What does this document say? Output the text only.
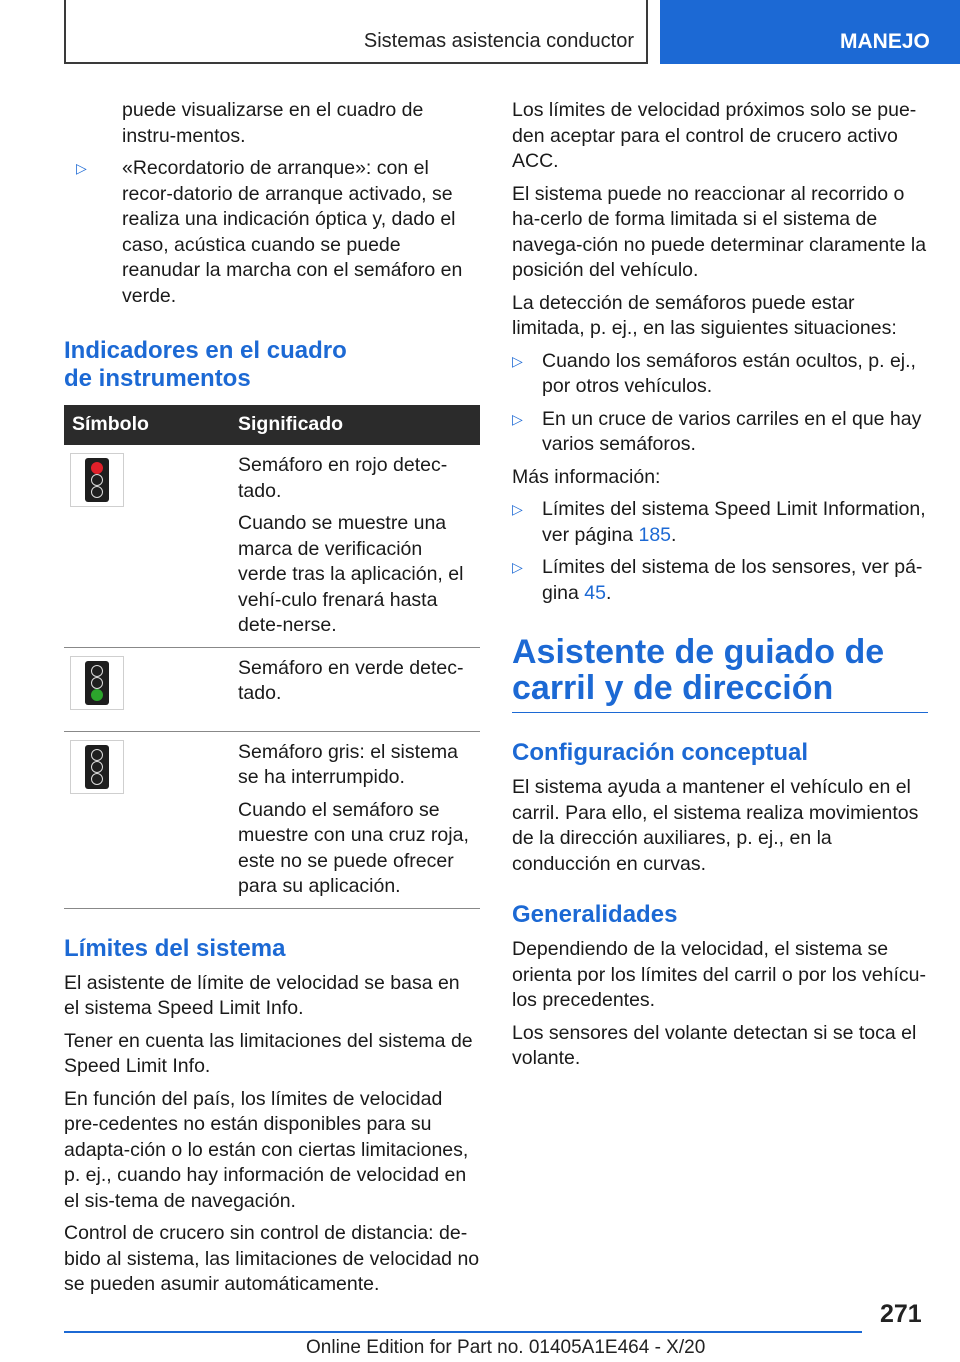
Sistemas asistencia conductor	MANEJO

puede visualizarse en el cuadro de instru-mentos.

▷ «Recordatorio de arranque»: con el recor-datorio de arranque activado, se realiza una indicación óptica y, dado el caso, acústica cuando se puede reanudar la marcha con el semáforo en verde.
Indicadores en el cuadro de instrumentos
Símbolo	Significado

	Semáforo en rojo detec-tado.

Cuando se muestre una marca de verificación verde tras la aplicación, el vehí-culo frenará hasta dete-nerse.

	Semáforo en verde detec-tado.

	Semáforo gris: el sistema se ha interrumpido.

Cuando el semáforo se muestre con una cruz roja, este no se puede ofrecer para su aplicación.

Límites del sistema

El asistente de límite de velocidad se basa en el sistema Speed Limit Info.

Tener en cuenta las limitaciones del sistema de Speed Limit Info.

En función del país, los límites de velocidad pre-cedentes no están disponibles para su adapta-ción o lo están con ciertas limitaciones, p. ej., cuando hay información de velocidad en el sis-tema de navegación.

Control de crucero sin control de distancia: de-bido al sistema, las limitaciones de velocidad no se pueden asumir automáticamente.

Los límites de velocidad próximos solo se pue-den aceptar para el control de crucero activo ACC.

El sistema puede no reaccionar al recorrido o ha-cerlo de forma limitada si el sistema de navega-ción no puede determinar claramente la posición del vehículo.

La detección de semáforos puede estar limitada, p. ej., en las siguientes situaciones:

▷ Cuando los semáforos están ocultos, p. ej., por otros vehículos.
▷ En un cruce de varios carriles en el que hay varios semáforos.

Más información:

▷ Límites del sistema Speed Limit Information, ver página 185.
▷ Límites del sistema de los sensores, ver pá-gina 45.
Asistente de guiado de carril y de dirección
Configuración conceptual

El sistema ayuda a mantener el vehículo en el carril. Para ello, el sistema realiza movimientos de la dirección auxiliares, p. ej., en la conducción en curvas.

Generalidades

Dependiendo de la velocidad, el sistema se orienta por los límites del carril o por los vehícu-los precedentes.

Los sensores del volante detectan si se toca el volante.

271
Online Edition for Part no. 01405A1E464 - X/20
